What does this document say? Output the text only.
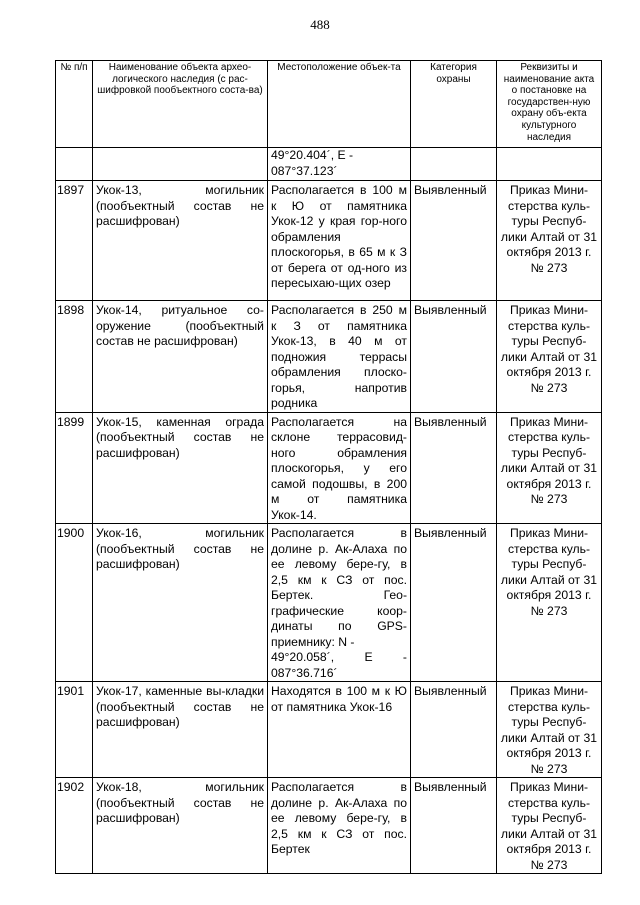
488
№ п/п	Наименование объекта архео-логического наследия (с рас-шифровкой пообъектного соста-ва)	Местоположение объек-та	Категория охраны	Реквизиты и наименование акта о постановке на государствен-ную охрану объ-екта культурного наследия

		49°20.404´, E -
087°37.123´		

1897	Укок-13, могильник (пообъектный состав не расшифрован)	Располагается в 100 м к Ю от памятника Укок-12 у края гор-ного обрамления плоскогорья, в 65 м к З от берега от од-ного из пересыхаю-щих озер	Выявленный	Приказ Мини-стерства куль-туры Респуб-лики Алтай от 31 октября 2013 г. № 273
1898	Укок-14, ритуальное со-оружение (пообъектный состав не расшифрован)	Располагается в 250 м к З от памятника Укок-13, в 40 м от подножия террасы обрамления плоско-горья, напротив родника	Выявленный	Приказ Мини-стерства куль-туры Респуб-лики Алтай от 31 октября 2013 г. № 273
1899	Укок-15, каменная ограда (пообъектный состав не расшифрован)	Располагается на склоне террасовид-ного обрамления плоскогорья, у его самой подошвы, в 200 м от памятника Укок-14.	Выявленный	Приказ Мини-стерства куль-туры Респуб-лики Алтай от 31 октября 2013 г. № 273
1900	Укок-16, могильник (пообъектный состав не расшифрован)	Располагается в долине р. Ак-Алаха по ее левому бере-гу, в 2,5 км к СЗ от пос. Бертек. Гео-графические коор-динаты по GPS-приемнику: N -
49°20.058´, E -
087°36.716´	Выявленный	Приказ Мини-стерства куль-туры Респуб-лики Алтай от 31 октября 2013 г. № 273
1901	Укок-17, каменные вы-кладки (пообъектный состав не расшифрован)	Находятся в 100 м к Ю от памятника Укок-16	Выявленный	Приказ Мини-стерства куль-туры Респуб-лики Алтай от 31 октября 2013 г. № 273
1902	Укок-18, могильник (пообъектный состав не расшифрован)	Располагается в долине р. Ак-Алаха по ее левому бере-гу, в 2,5 км к СЗ от пос. Бертек	Выявленный	Приказ Мини-стерства куль-туры Респуб-лики Алтай от 31 октября 2013 г. № 273
